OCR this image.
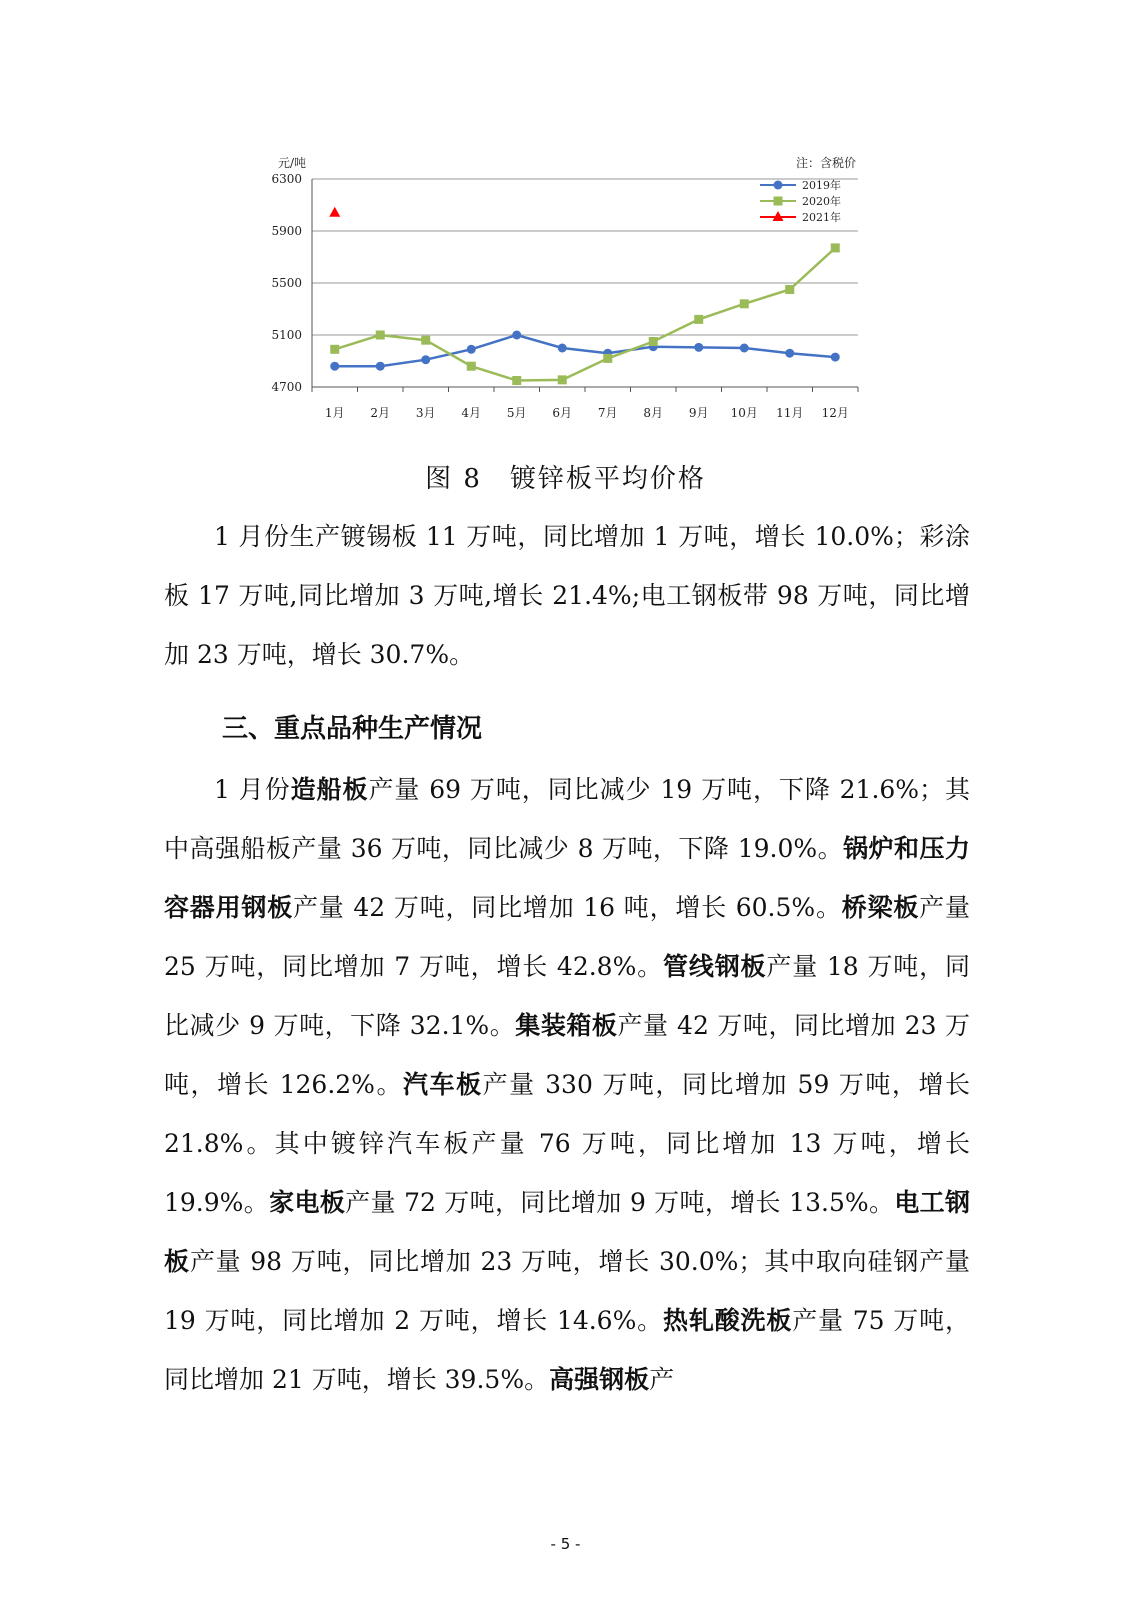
6300
5900
5500
5100
4700
1月 2月 3月 4月 5月 6月 7月 8月 9月 10月 11月 12月
元/吨	注：含税价
2019年
2020年
2021年
图 8　镀锌板平均价格

1 月份生产镀锡板 11 万吨，同比增加 1 万吨，增长 10.0%；彩涂板 17 万吨,同比增加 3 万吨,增长 21.4%;电工钢板带 98 万吨，同比增加 23 万吨，增长 30.7%。

三、重点品种生产情况

1 月份造船板产量 69 万吨，同比减少 19 万吨，下降 21.6%；其中高强船板产量 36 万吨，同比减少 8 万吨，下降 19.0%。锅炉和压力容器用钢板产量 42 万吨，同比增加 16 吨，增长 60.5%。桥梁板产量 25 万吨，同比增加 7 万吨，增长 42.8%。管线钢板产量 18 万吨，同比减少 9 万吨，下降 32.1%。集装箱板产量 42 万吨，同比增加 23 万吨，增长 126.2%。汽车板产量 330 万吨，同比增加 59 万吨，增长 21.8%。其中镀锌汽车板产量 76 万吨，同比增加 13 万吨，增长 19.9%。家电板产量 72 万吨，同比增加 9 万吨，增长 13.5%。电工钢板产量 98 万吨，同比增加 23 万吨，增长 30.0%；其中取向硅钢产量 19 万吨，同比增加 2 万吨，增长 14.6%。热轧酸洗板产量 75 万吨，同比增加 21 万吨，增长 39.5%。高强钢板产

- 5 -
